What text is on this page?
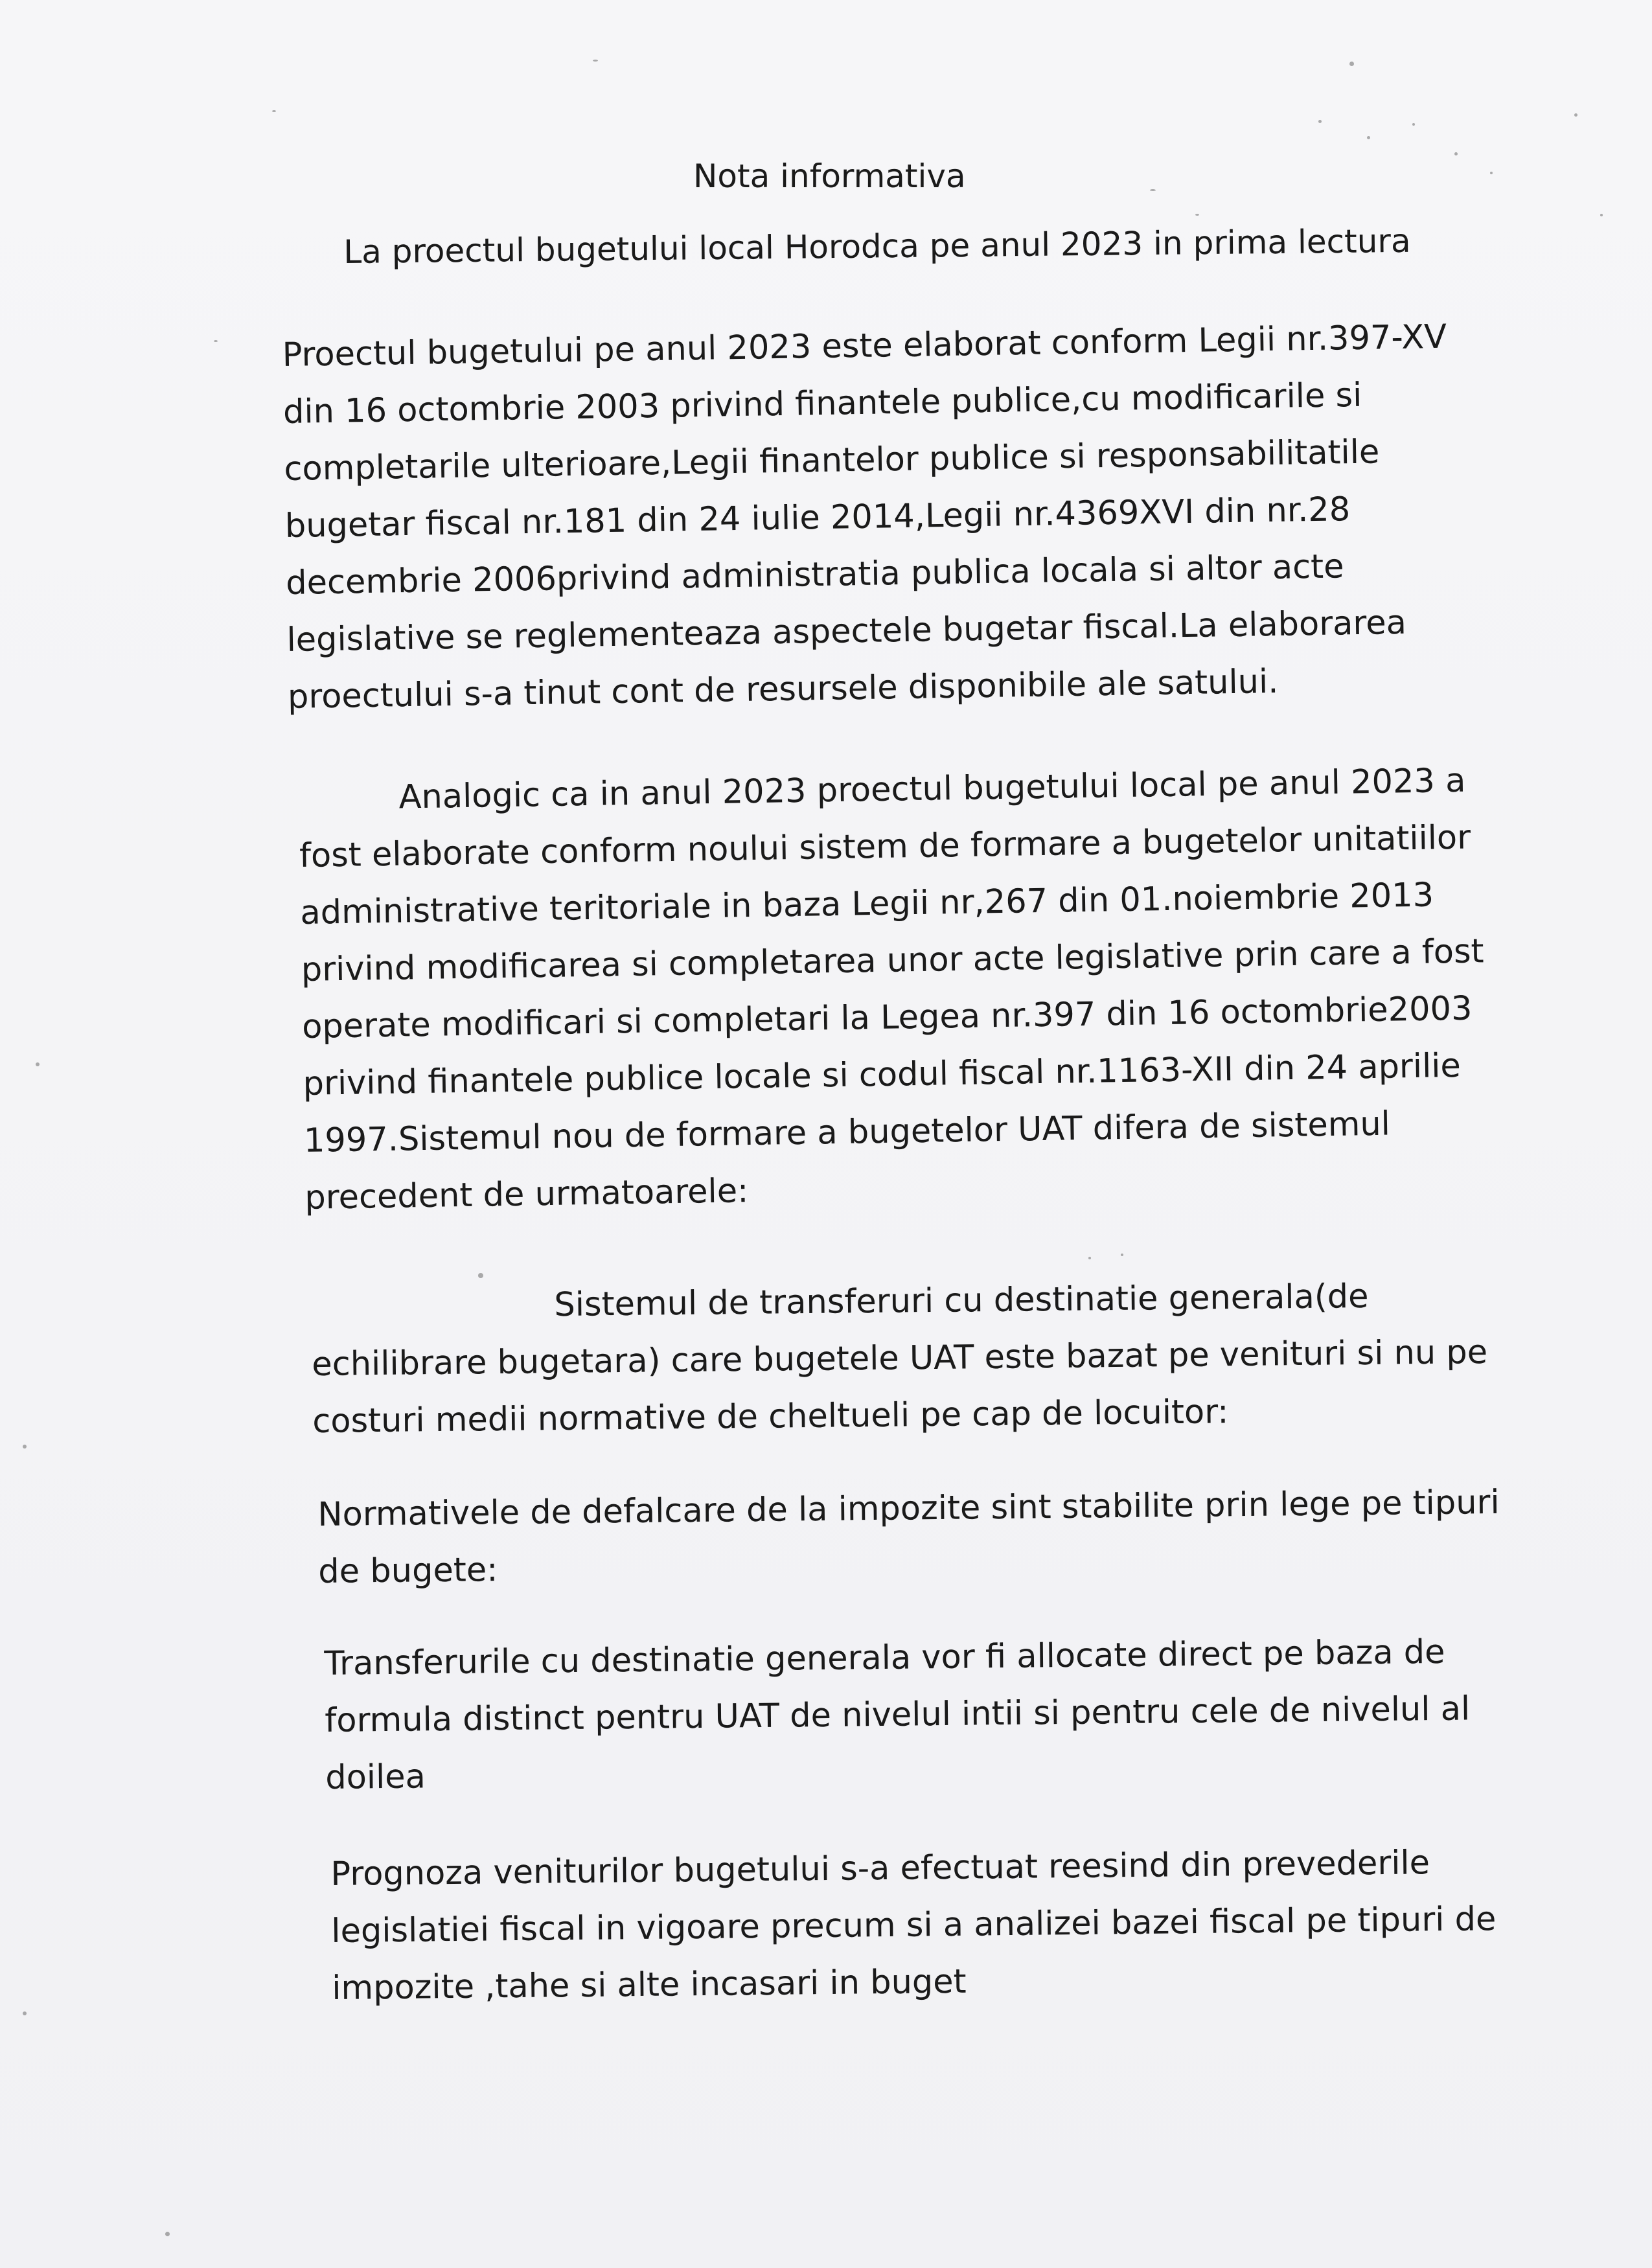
Nota informativa
La proectul bugetului local Horodca pe anul 2023 in prima lectura
Proectul bugetului pe anul 2023 este elaborat conform Legii nr.397-XV
din 16 octombrie 2003 privind finantele publice,cu modificarile si
completarile ulterioare,Legii finantelor publice si responsabilitatile
bugetar fiscal nr.181 din 24 iulie 2014,Legii nr.4369XVI din nr.28
decembrie 2006privind administratia publica locala si altor acte
legislative se reglementeaza aspectele bugetar fiscal.La elaborarea
proectului s-a tinut cont de resursele disponibile ale satului.
Analogic ca in anul 2023 proectul bugetului local pe anul 2023 a
fost elaborate conform noului sistem de formare a bugetelor unitatiilor
administrative teritoriale in baza Legii nr,267 din 01.noiembrie 2013
privind modificarea si completarea unor acte legislative prin care a fost
operate modificari si completari la Legea nr.397 din 16 octombrie2003
privind finantele publice locale si codul fiscal nr.1163-XII din 24 aprilie
1997.Sistemul nou de formare a bugetelor UAT difera de sistemul
precedent de urmatoarele:
Sistemul de transferuri cu destinatie generala(de
echilibrare bugetara) care bugetele UAT este bazat pe venituri si nu pe
costuri medii normative de cheltueli pe cap de locuitor:
Normativele de defalcare de la impozite sint stabilite prin lege pe tipuri
de bugete:
Transferurile cu destinatie generala vor fi allocate direct pe baza de
formula distinct pentru UAT de nivelul intii si pentru cele de nivelul al
doilea
Prognoza veniturilor bugetului s-a efectuat reesind din prevederile
legislatiei fiscal in vigoare precum si a analizei bazei fiscal pe tipuri de
impozite ,tahe si alte incasari in buget
